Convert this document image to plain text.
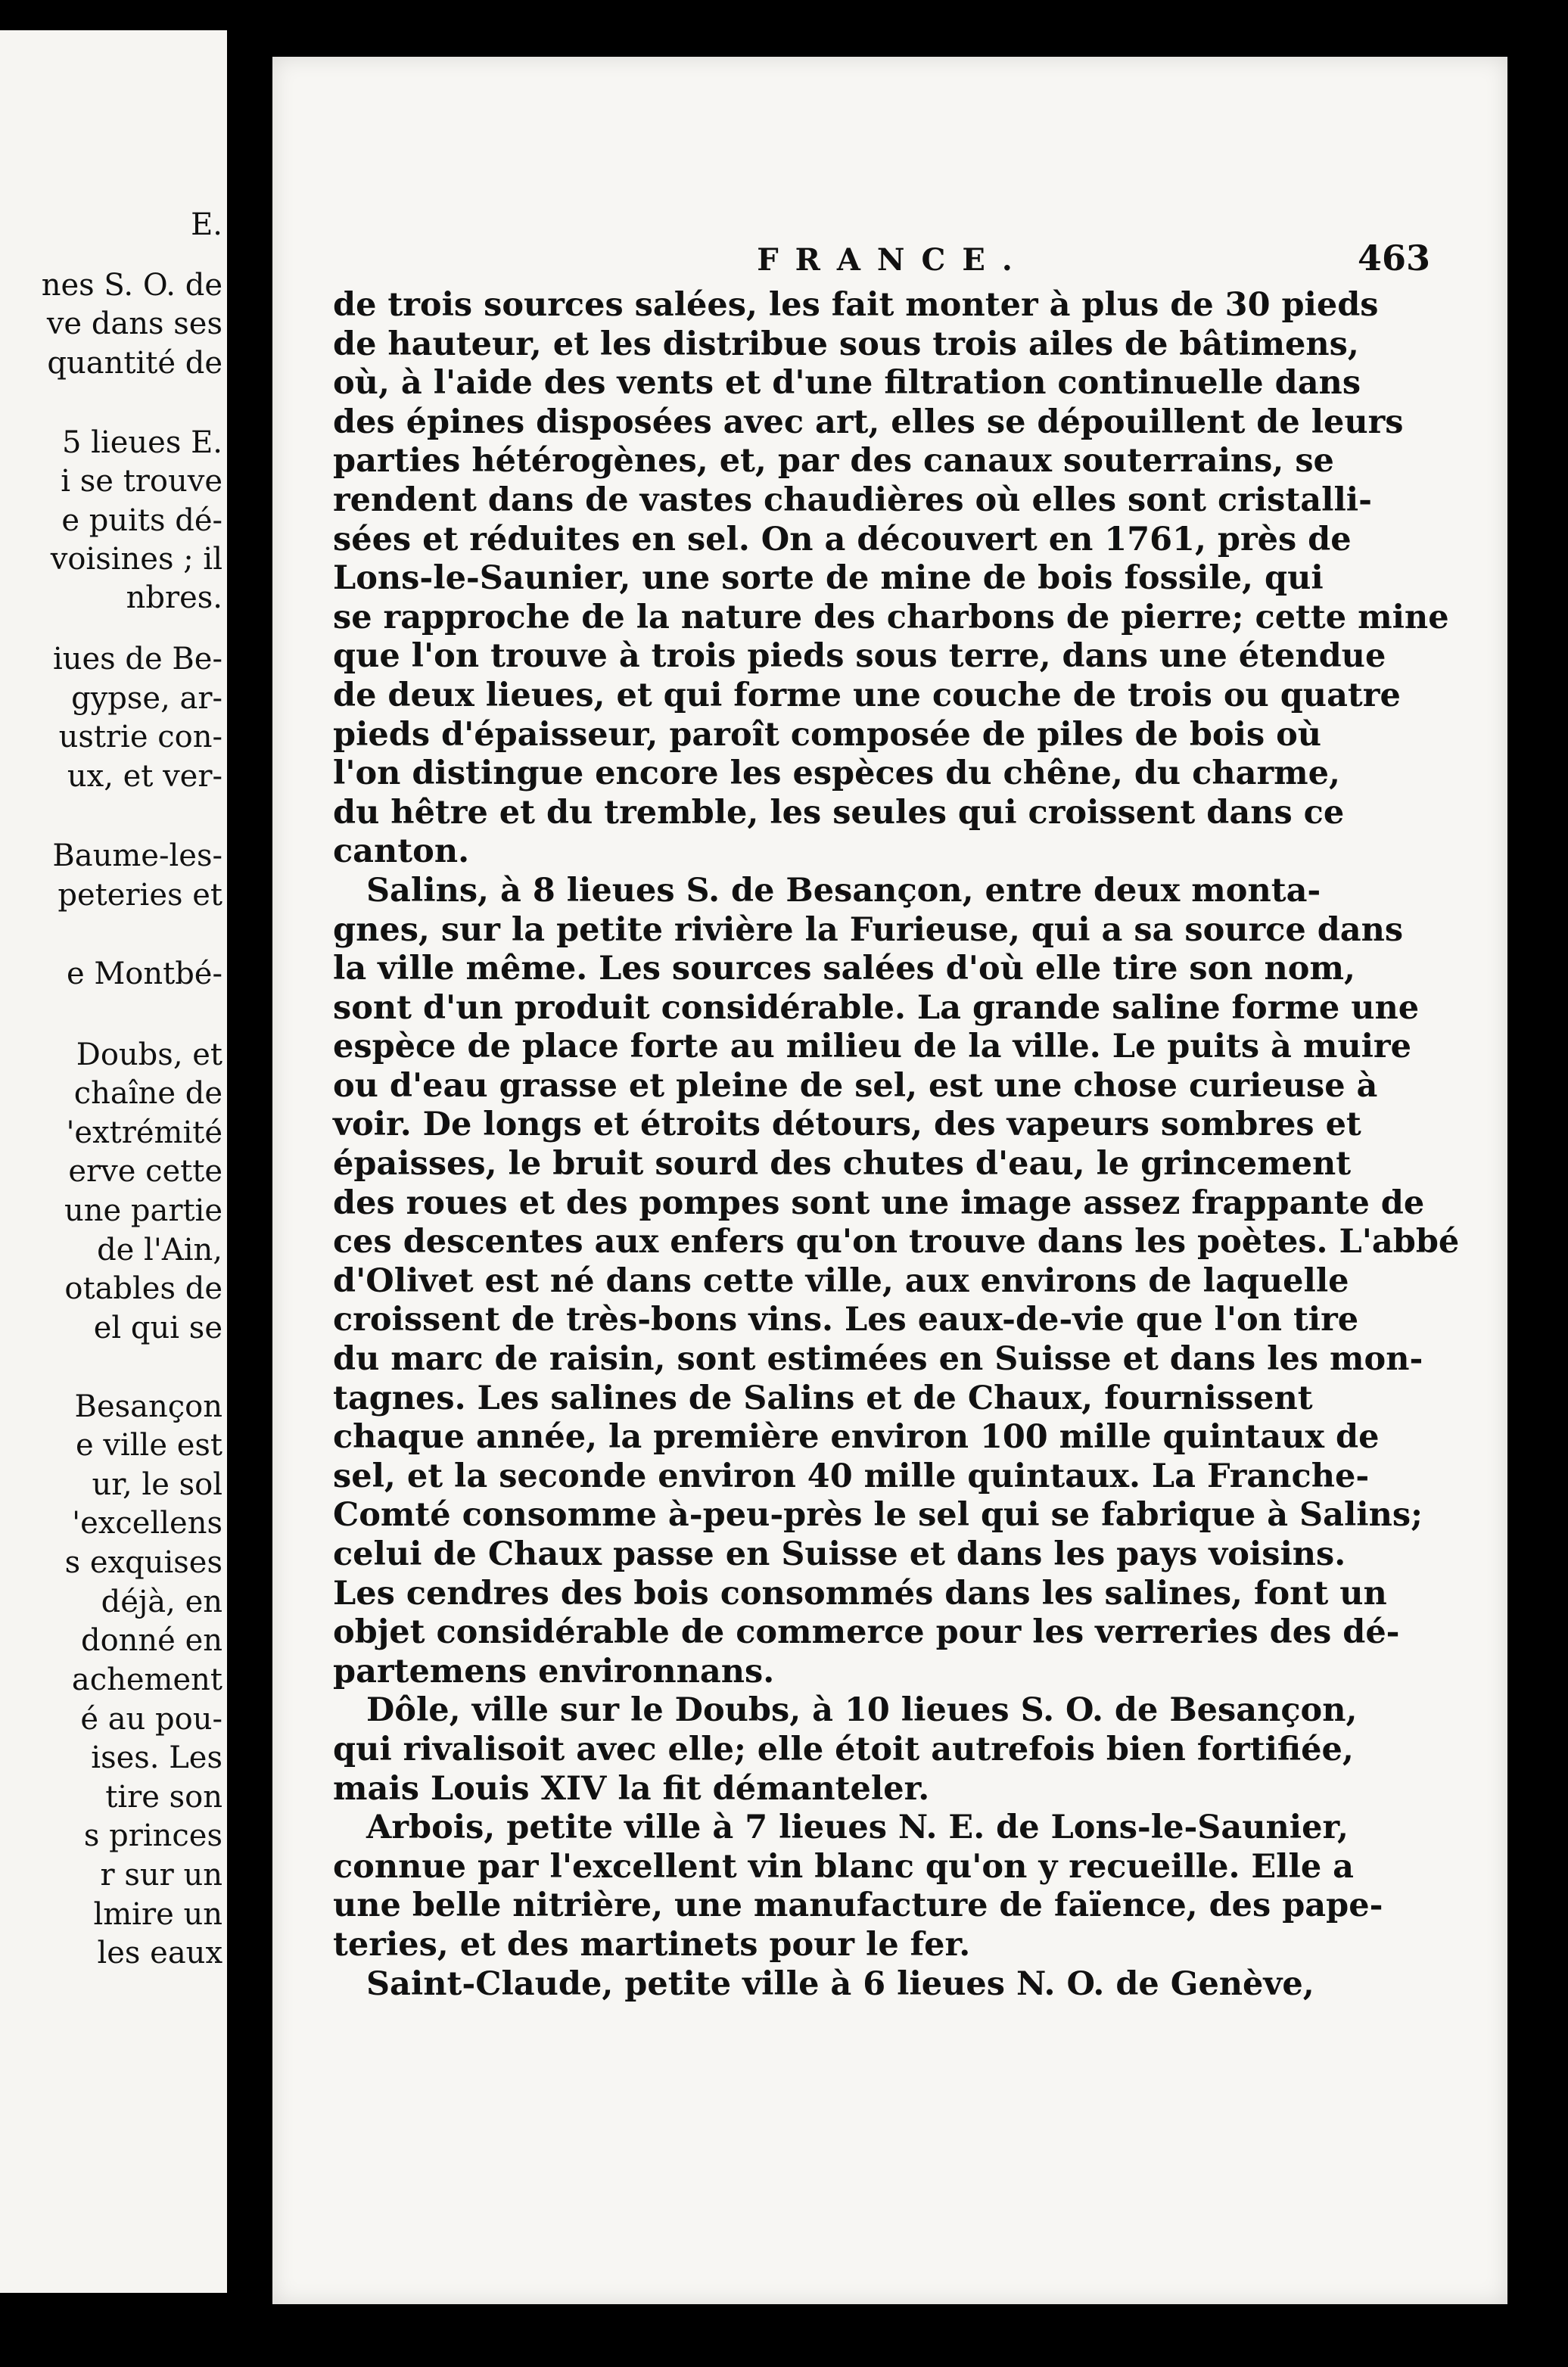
E.
nes S. O. de
ve dans ses
quantité de
5 lieues E.
i se trouve
e puits dé-
voisines ; il
nbres.
iues de Be-
gypse, ar-
ustrie con-
ux, et ver-
Baume-les-
peteries et
e Montbé-
Doubs, et
chaîne de
'extrémité
erve cette
une partie
de l'Ain,
otables de
el qui se
Besançon
e ville est
ur, le sol
'excellens
s exquises
déjà, en
donné en
achement
é au pou-
ises. Les
tire son
s princes
r sur un
lmire un
les eaux
FRANCE.	463
de trois sources salées, les fait monter à plus de 30 pieds
de hauteur, et les distribue sous trois ailes de bâtimens,
où, à l'aide des vents et d'une filtration continuelle dans
des épines disposées avec art, elles se dépouillent de leurs
parties hétérogènes, et, par des canaux souterrains, se
rendent dans de vastes chaudières où elles sont cristalli-
sées et réduites en sel. On a découvert en 1761, près de
Lons-le-Saunier, une sorte de mine de bois fossile, qui
se rapproche de la nature des charbons de pierre; cette mine
que l'on trouve à trois pieds sous terre, dans une étendue
de deux lieues, et qui forme une couche de trois ou quatre
pieds d'épaisseur, paroît composée de piles de bois où
l'on distingue encore les espèces du chêne, du charme,
du hêtre et du tremble, les seules qui croissent dans ce
canton.
Salins, à 8 lieues S. de Besançon, entre deux monta-
gnes, sur la petite rivière la Furieuse, qui a sa source dans
la ville même. Les sources salées d'où elle tire son nom,
sont d'un produit considérable. La grande saline forme une
espèce de place forte au milieu de la ville. Le puits à muire
ou d'eau grasse et pleine de sel, est une chose curieuse à
voir. De longs et étroits détours, des vapeurs sombres et
épaisses, le bruit sourd des chutes d'eau, le grincement
des roues et des pompes sont une image assez frappante de
ces descentes aux enfers qu'on trouve dans les poètes. L'abbé
d'Olivet est né dans cette ville, aux environs de laquelle
croissent de très-bons vins. Les eaux-de-vie que l'on tire
du marc de raisin, sont estimées en Suisse et dans les mon-
tagnes. Les salines de Salins et de Chaux, fournissent
chaque année, la première environ 100 mille quintaux de
sel, et la seconde environ 40 mille quintaux. La Franche-
Comté consomme à-peu-près le sel qui se fabrique à Salins;
celui de Chaux passe en Suisse et dans les pays voisins.
Les cendres des bois consommés dans les salines, font un
objet considérable de commerce pour les verreries des dé-
partemens environnans.
Dôle, ville sur le Doubs, à 10 lieues S. O. de Besançon,
qui rivalisoit avec elle; elle étoit autrefois bien fortifiée,
mais Louis XIV la fit démanteler.
Arbois, petite ville à 7 lieues N. E. de Lons-le-Saunier,
connue par l'excellent vin blanc qu'on y recueille. Elle a
une belle nitrière, une manufacture de faïence, des pape-
teries, et des martinets pour le fer.
Saint-Claude, petite ville à 6 lieues N. O. de Genève,
